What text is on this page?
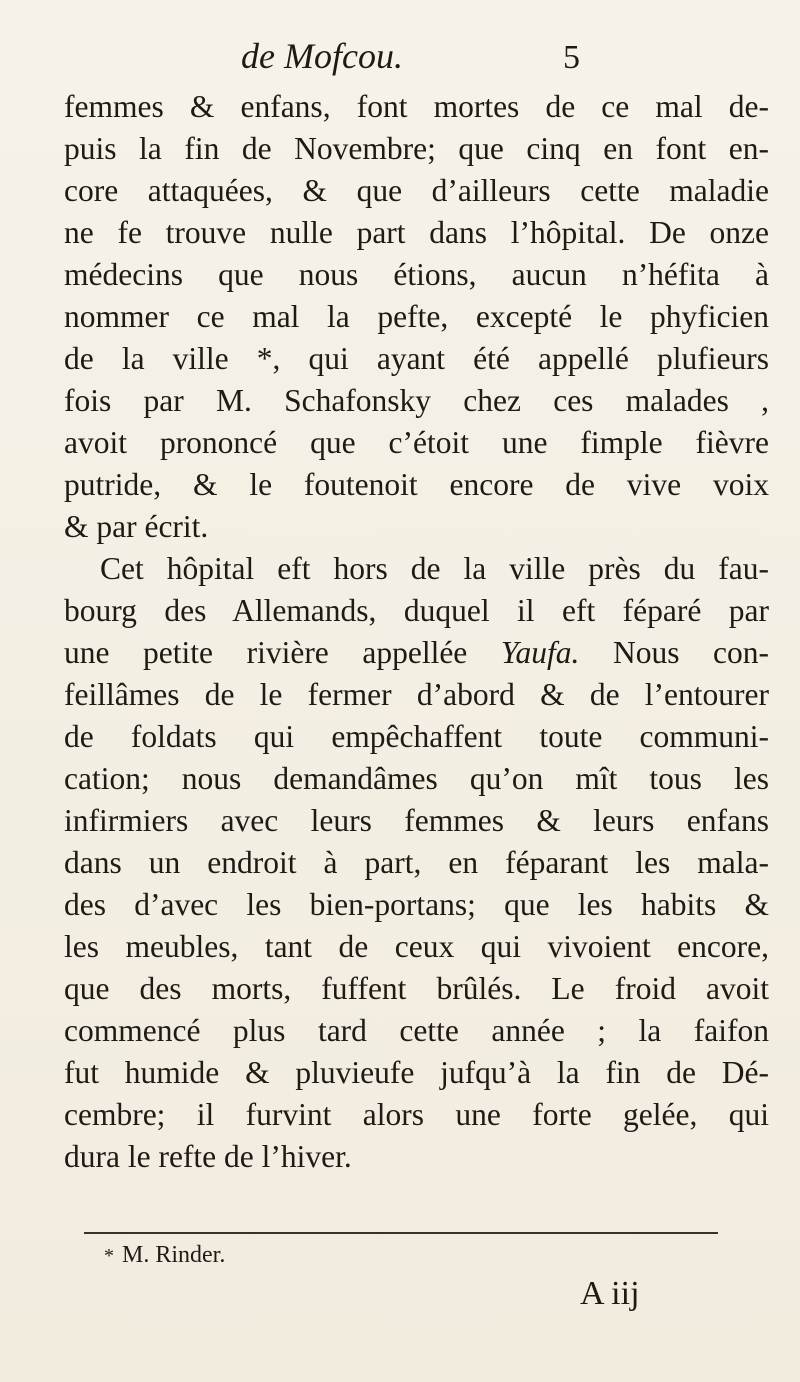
de Mofcou.	5
femmes & enfans, font mortes de ce mal de-
puis la fin de Novembre; que cinq en font en-
core attaquées, & que d’ailleurs cette maladie
ne fe trouve nulle part dans l’hôpital. De onze
médecins que nous étions, aucun n’héfita à
nommer ce mal la pefte, excepté le phyficien
de la ville *, qui ayant été appellé plufieurs
fois par M. Schafonsky chez ces malades ,
avoit prononcé que c’étoit une fimple fièvre
putride, & le foutenoit encore de vive voix
& par écrit.
Cet hôpital eft hors de la ville près du fau-
bourg des Allemands, duquel il eft féparé par
une petite rivière appellée Yaufa. Nous con-
feillâmes de le fermer d’abord & de l’entourer
de foldats qui empêchaffent toute communi-
cation; nous demandâmes qu’on mît tous les
infirmiers avec leurs femmes & leurs enfans
dans un endroit à part, en féparant les mala-
des d’avec les bien-portans; que les habits &
les meubles, tant de ceux qui vivoient encore,
que des morts, fuffent brûlés. Le froid avoit
commencé plus tard cette année ; la faifon
fut humide & pluvieufe jufqu’à la fin de Dé-
cembre; il furvint alors une forte gelée, qui
dura le refte de l’hiver.
* M. Rinder.
A iij
